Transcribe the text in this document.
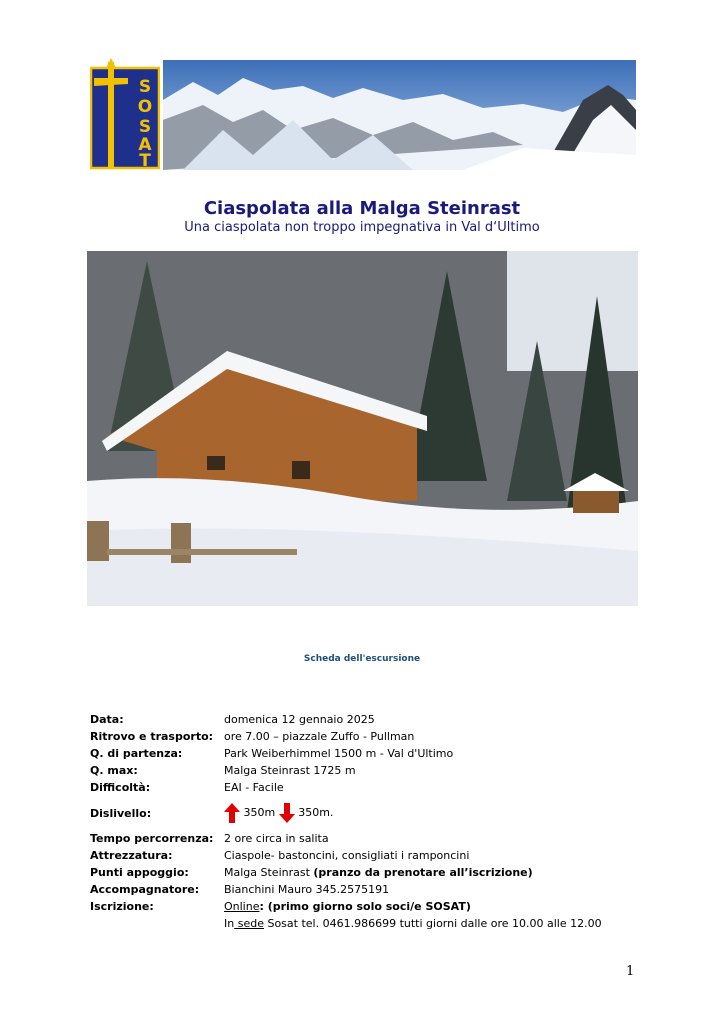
S
O
S
A
T
Ciaspolata alla Malga Steinrast
Una ciaspolata non troppo impegnativa in Val d‘Ultimo
Scheda dell'escursione
Data:	domenica 12 gennaio 2025
Ritrovo e trasporto: ore 7.00 – piazzale Zuffo - Pullman
Q. di partenza:	Park Weiberhimmel 1500 m - Val d'Ultimo
Q. max:	Malga Steinrast 1725 m
Difficoltà:	EAI - Facile
Dislivello:	350m 350m.
Tempo percorrenza: 2 ore circa in salita
Attrezzatura:	Ciaspole- bastoncini, consigliati i ramponcini
Punti appoggio:	Malga Steinrast (pranzo da prenotare all’iscrizione)
Accompagnatore:	Bianchini Mauro 345.2575191
Iscrizione:	Online: (primo giorno solo soci/e SOSAT)
In sede Sosat tel. 0461.986699 tutti giorni dalle ore 10.00 alle 12.00
1
